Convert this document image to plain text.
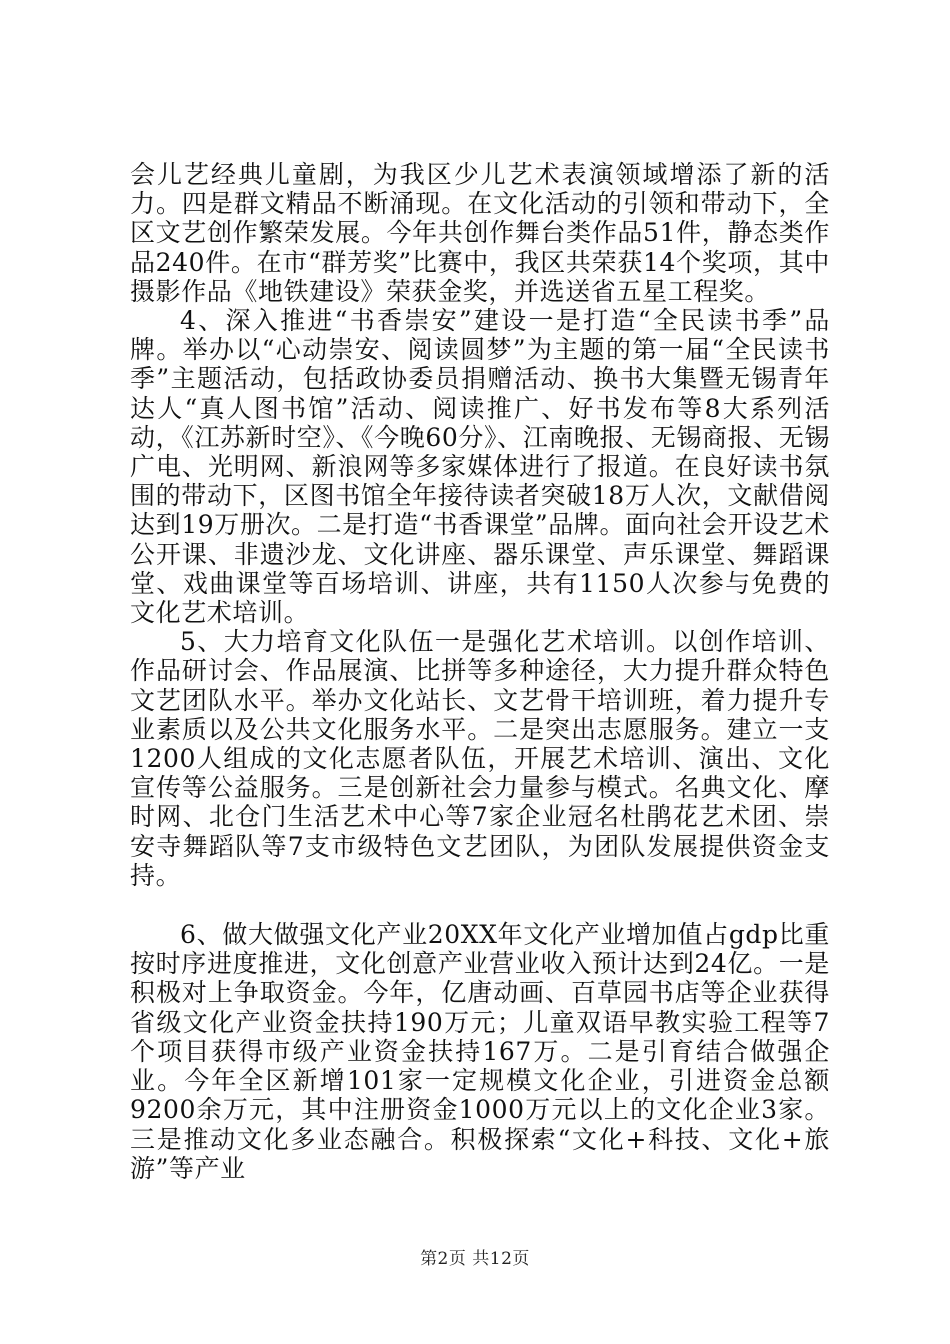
会儿艺经典儿童剧，为我区少儿艺术表演领域增添了新的活力。四是群文精品不断涌现。在文化活动的引领和带动下，全区文艺创作繁荣发展。今年共创作舞台类作品51件，静态类作品240件。在市“群芳奖”比赛中，我区共荣获14个奖项，其中摄影作品《地铁建设》荣获金奖，并选送省五星工程奖。

4、深入推进“书香崇安”建设一是打造“全民读书季”品牌。举办以“心动崇安、阅读圆梦”为主题的第一届“全民读书季”主题活动，包括政协委员捐赠活动、换书大集暨无锡青年达人“真人图书馆”活动、阅读推广、好书发布等8大系列活动，《江苏新时空》、《今晚60分》、江南晚报、无锡商报、无锡广电、光明网、新浪网等多家媒体进行了报道。在良好读书氛围的带动下，区图书馆全年接待读者突破18万人次，文献借阅达到19万册次。二是打造“书香课堂”品牌。面向社会开设艺术公开课、非遗沙龙、文化讲座、器乐课堂、声乐课堂、舞蹈课堂、戏曲课堂等百场培训、讲座，共有1150人次参与免费的文化艺术培训。

5、大力培育文化队伍一是强化艺术培训。以创作培训、作品研讨会、作品展演、比拼等多种途径，大力提升群众特色文艺团队水平。举办文化站长、文艺骨干培训班，着力提升专业素质以及公共文化服务水平。二是突出志愿服务。建立一支1200人组成的文化志愿者队伍，开展艺术培训、演出、文化宣传等公益服务。三是创新社会力量参与模式。名典文化、摩时网、北仓门生活艺术中心等7家企业冠名杜鹃花艺术团、崇安寺舞蹈队等7支市级特色文艺团队，为团队发展提供资金支持。

6、做大做强文化产业20XX年文化产业增加值占gdp比重按时序进度推进，文化创意产业营业收入预计达到24亿。一是积极对上争取资金。今年，亿唐动画、百草园书店等企业获得省级文化产业资金扶持190万元；儿童双语早教实验工程等7个项目获得市级产业资金扶持167万。二是引育结合做强企业。今年全区新增101家一定规模文化企业，引进资金总额9200余万元，其中注册资金1000万元以上的文化企业3家。三是推动文化多业态融合。积极探索“文化+科技、文化+旅游”等产业

第2页 共12页
